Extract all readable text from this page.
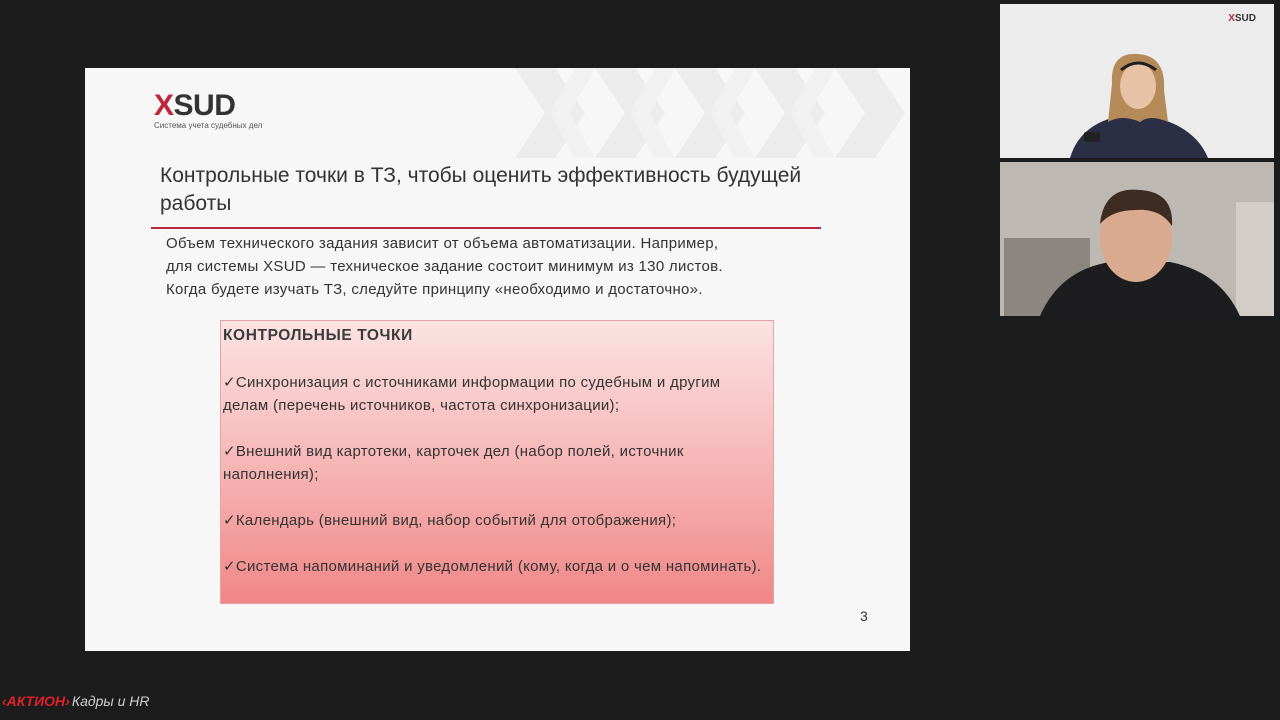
XSUD
Система учета судебных дел
Контрольные точки в ТЗ, чтобы оценить эффективность будущей работы

Объем технического задания зависит от объема автоматизации. Например,

для системы XSUD — техническое задание состоит минимум из 130 листов.

Когда будете изучать ТЗ, следуйте принципу «необходимо и достаточно».

КОНТРОЛЬНЫЕ ТОЧКИ
✓Синхронизация с источниками информации по судебным и другим делам (перечень источников, частота синхронизации);
✓Внешний вид картотеки, карточек дел (набор полей, источник наполнения);
✓Календарь (внешний вид, набор событий для отображения);
✓Система напоминаний и уведомлений (кому, когда и о чем напоминать).
3
XSUD
‹АКТИОН› Кадры и HR
